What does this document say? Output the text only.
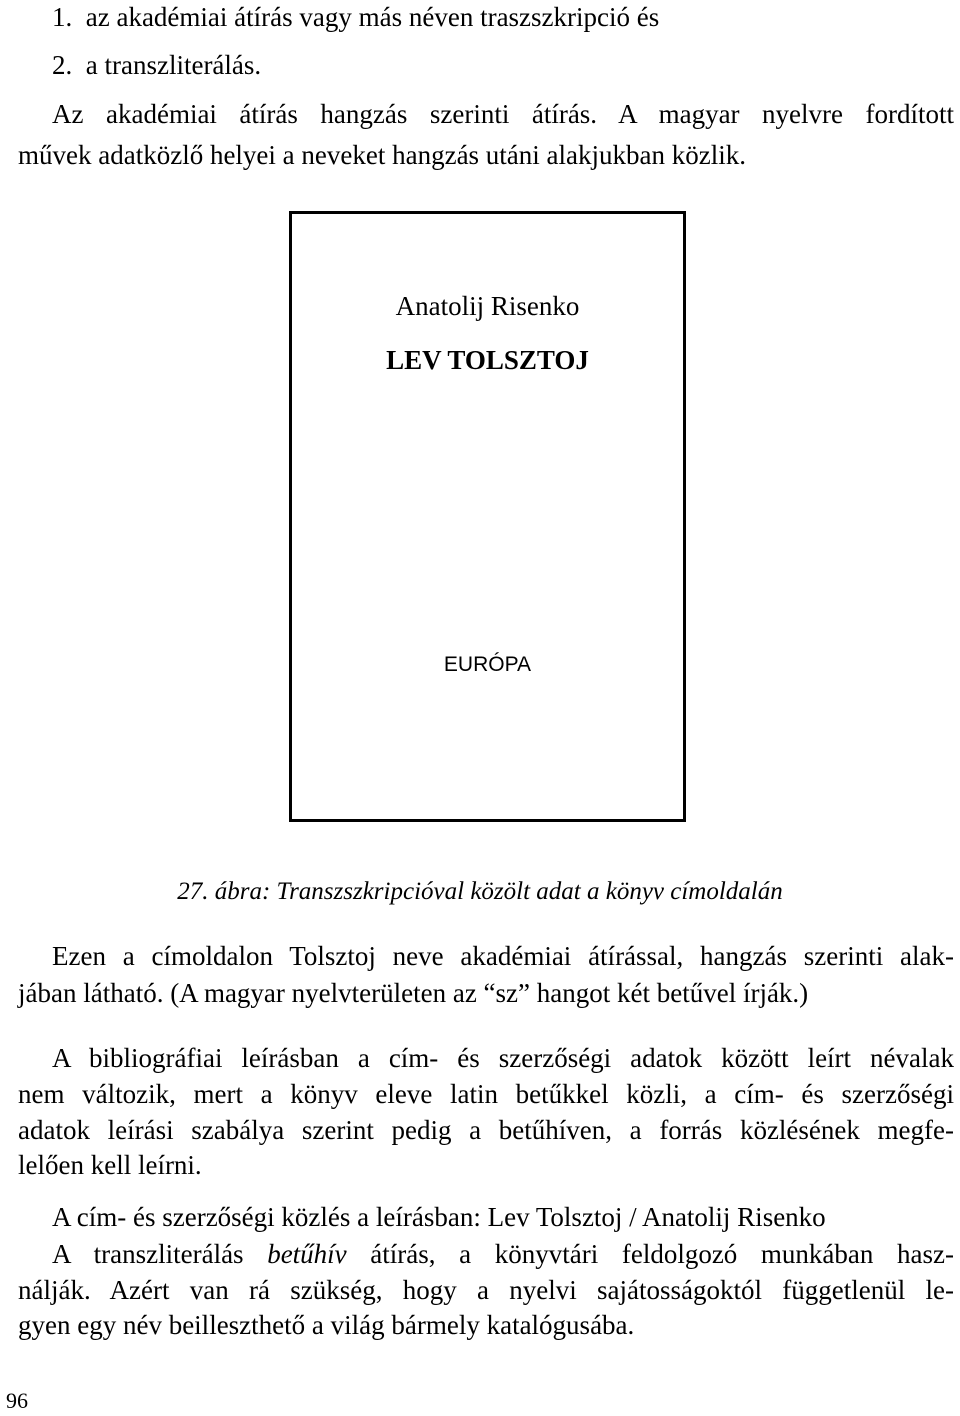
1. az akadémiai átírás vagy más néven traszszkripció és
2. a transzliterálás.
Az akadémiai átírás hangzás szerinti átírás. A magyar nyelvre fordított
művek adatközlő helyei a neveket hangzás utáni alakjukban közlik.
Anatolij Risenko
LEV TOLSZTOJ
EURÓPA
27. ábra: Transzszkripcióval közölt adat a könyv címoldalán
Ezen a címoldalon Tolsztoj neve akadémiai átírással, hangzás szerinti alak-
jában látható. (A magyar nyelvterületen az “sz” hangot két betűvel írják.)
A bibliográfiai leírásban a cím- és szerzőségi adatok között leírt névalak
nem változik, mert a könyv eleve latin betűkkel közli, a cím- és szerzőségi
adatok leírási szabálya szerint pedig a betűhíven, a forrás közlésének megfe-
lelően kell leírni.
A cím- és szerzőségi közlés a leírásban: Lev Tolsztoj / Anatolij Risenko
A transzliterálás betűhív átírás, a könyvtári feldolgozó munkában hasz-
nálják. Azért van rá szükség, hogy a nyelvi sajátosságoktól függetlenül le-
gyen egy név beilleszthető a világ bármely katalógusába.
96
